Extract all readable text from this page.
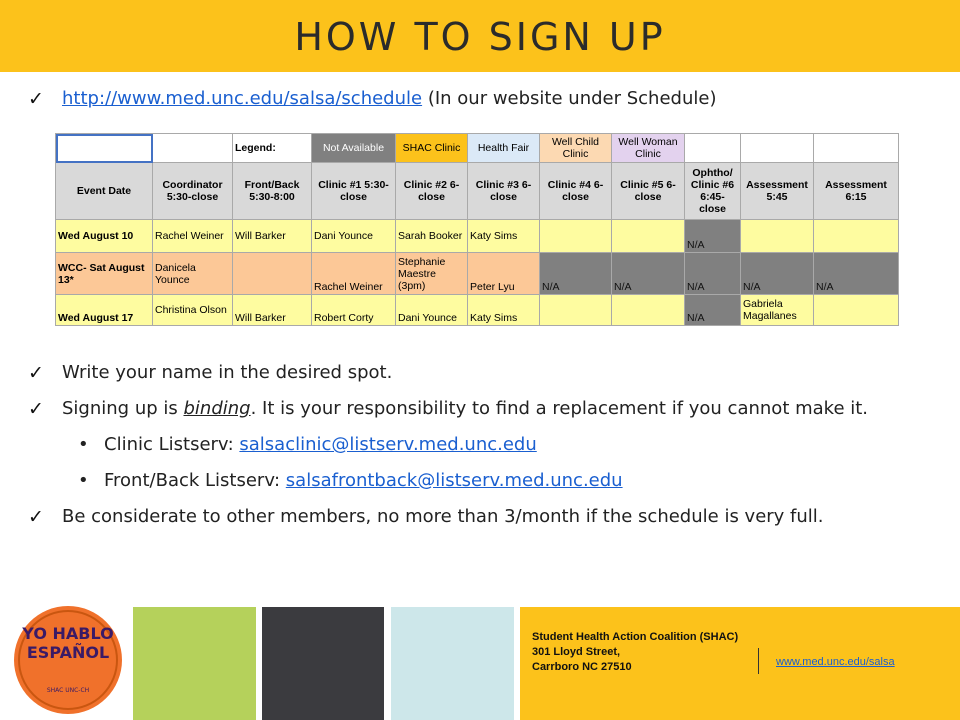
HOW TO SIGN UP
✓ http://www.med.unc.edu/salsa/schedule (In our website under Schedule)
		Legend:	Not Available	SHAC Clinic	Health Fair	Well Child Clinic	Well Woman Clinic			
Event Date	Coordinator 5:30-close	Front/Back 5:30-8:00	Clinic #1 5:30-close	Clinic #2 6-close	Clinic #3 6-close	Clinic #4 6-close	Clinic #5 6-close	Ophtho/ Clinic #6 6:45-close	Assessment 5:45	Assessment 6:15
Wed August 10	Rachel Weiner	Will Barker	Dani Younce	Sarah Booker	Katy Sims			N/A		
WCC- Sat August 13*	Danicela Younce		Rachel Weiner	Stephanie Maestre (3pm)	Peter Lyu	N/A	N/A	N/A	N/A	N/A
Wed August 17	Christina Olson	Will Barker	Robert Corty	Dani Younce	Katy Sims			N/A	Gabriela Magallanes	
✓ Write your name in the desired spot.
✓ Signing up is binding. It is your responsibility to find a replacement if you cannot make it.
• Clinic Listserv: salsaclinic@listserv.med.unc.edu
• Front/Back Listserv: salsafrontback@listserv.med.unc.edu
✓ Be considerate to other members, no more than 3/month if the schedule is very full.
YO HABLO ESPAÑOL
SHAC UNC-CH
Student Health Action Coalition (SHAC)
301 Lloyd Street,
Carrboro NC 27510	www.med.unc.edu/salsa
